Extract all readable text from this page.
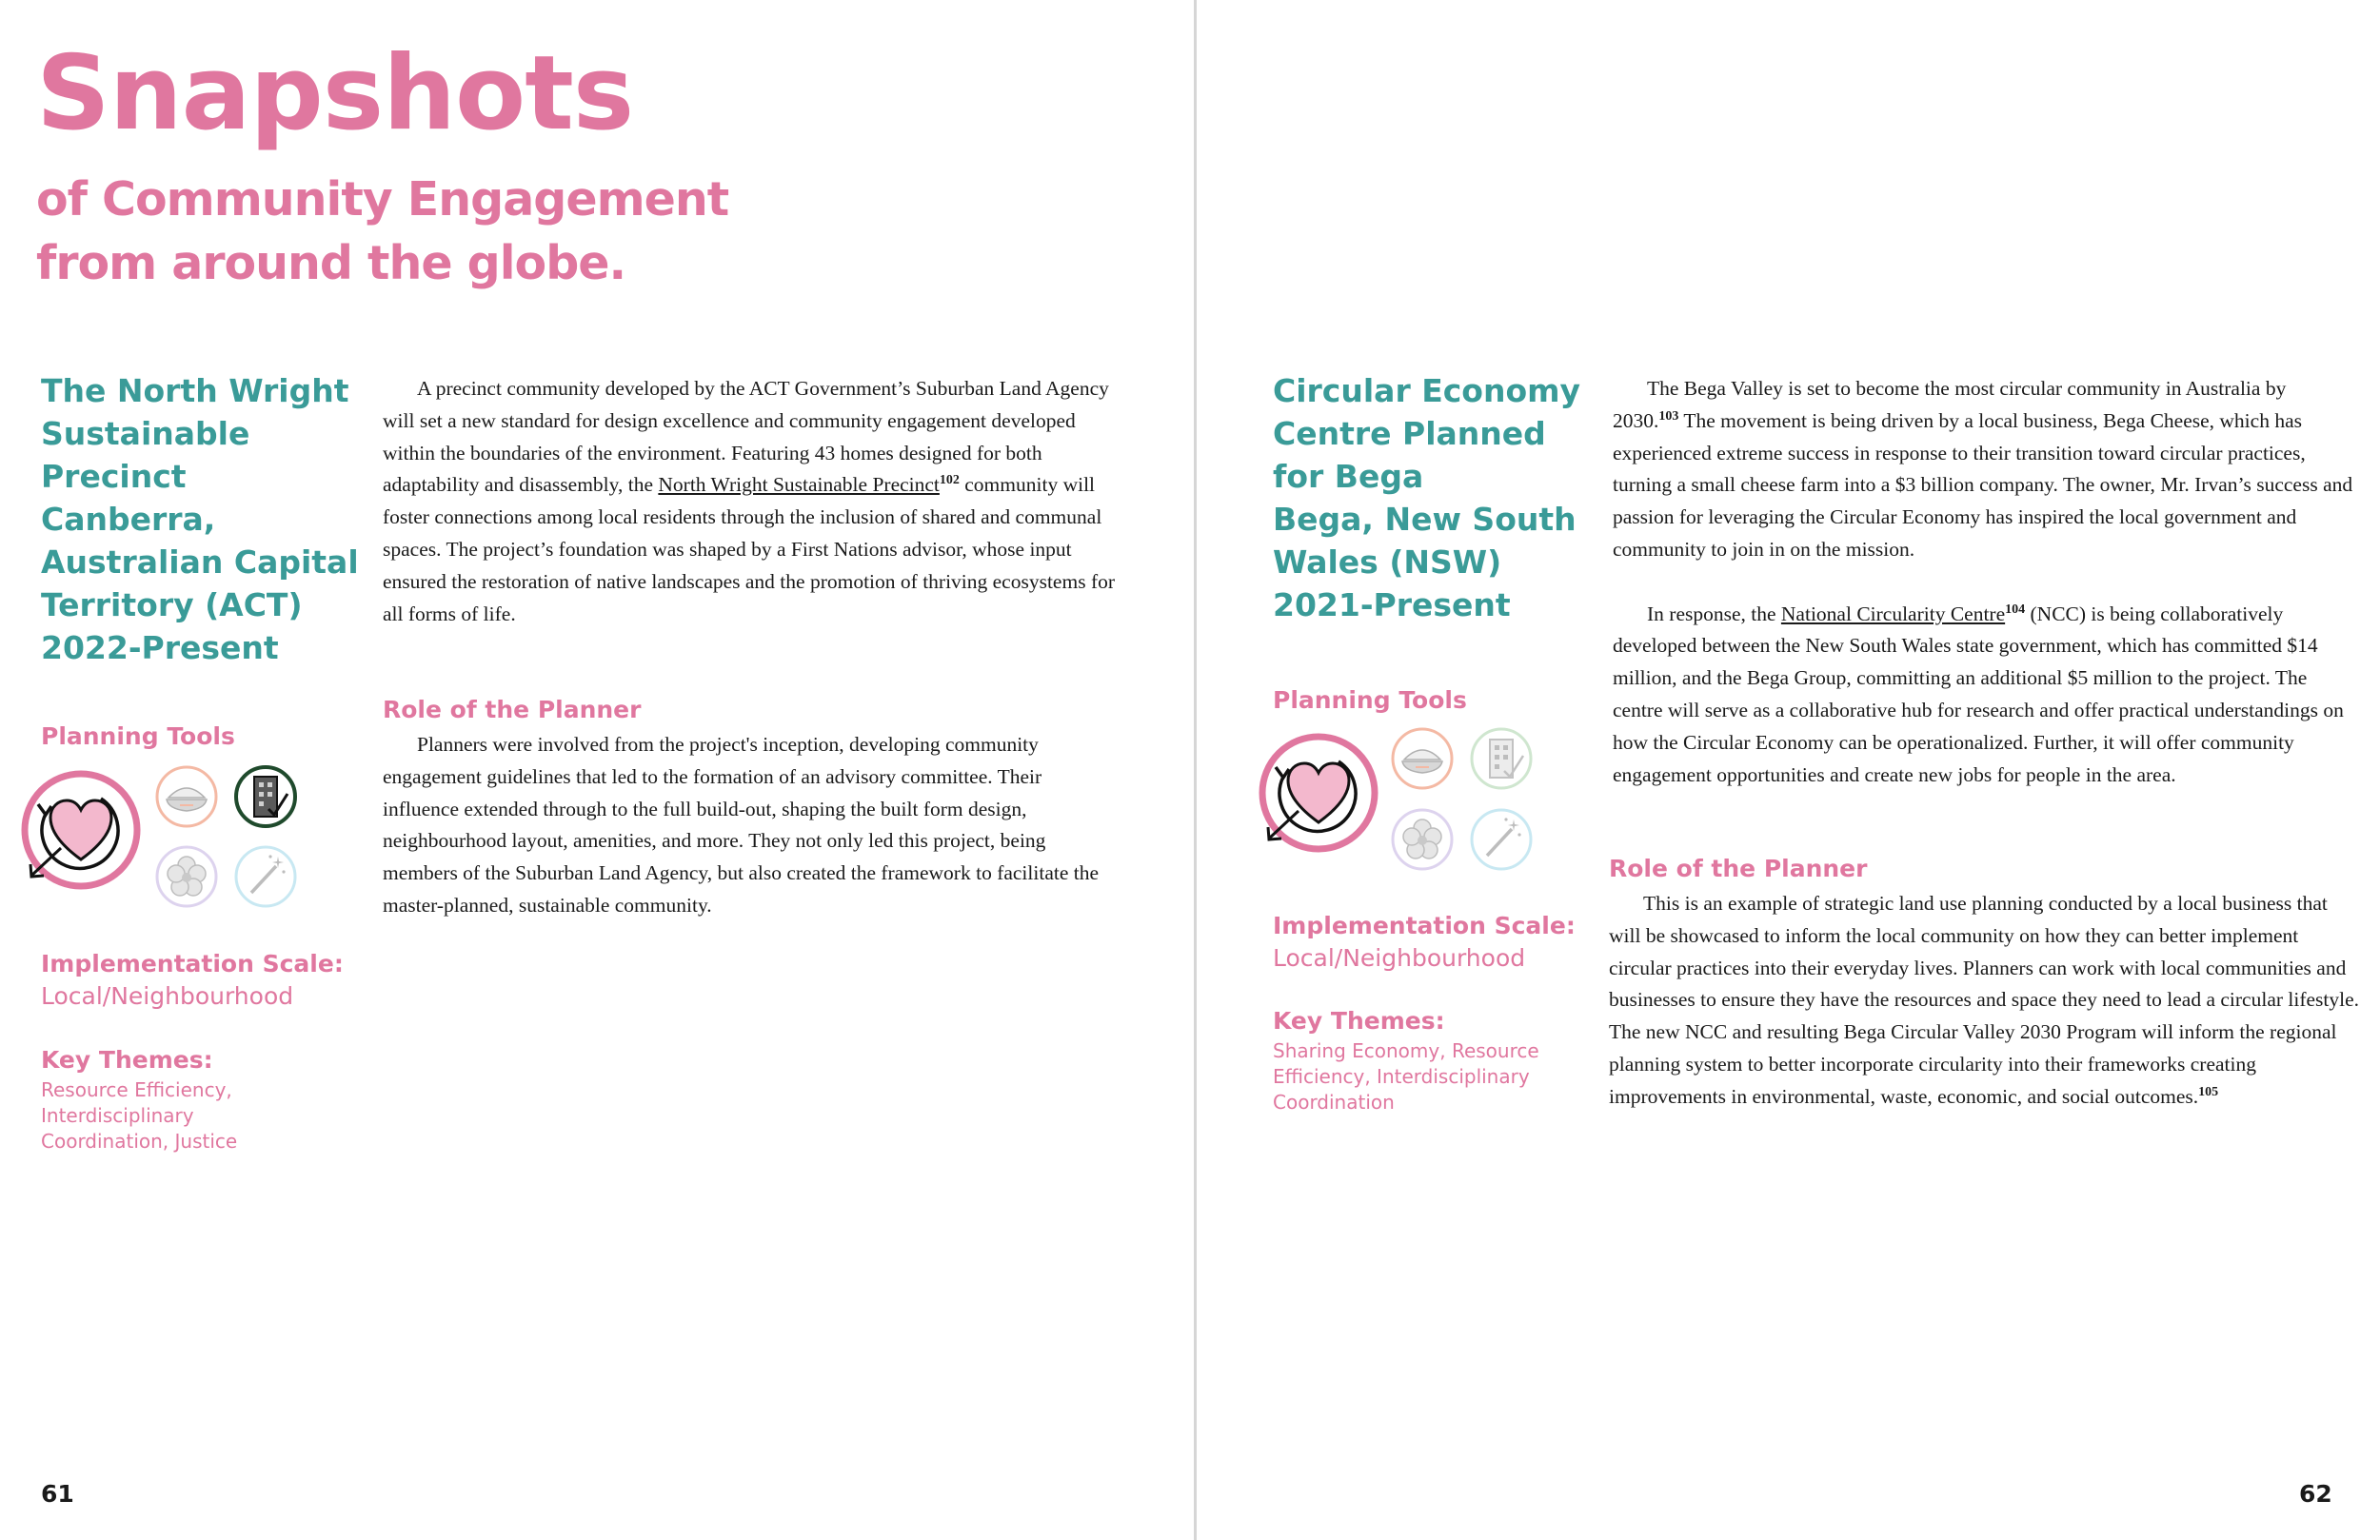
Snapshots
of Community Engagement
from around the globe.
The North Wright
Sustainable
Precinct
Canberra,
Australian Capital
Territory (ACT)
2022-Present
Planning Tools
Implementation Scale:
Local/Neighbourhood
Key Themes:
Resource Efficiency,
Interdisciplinary
Coordination, Justice

A precinct community developed by the ACT Government’s Suburban Land Agency will set a new standard for design excellence and community engagement developed within the boundaries of the environment. Featuring 43 homes designed for both adaptability and disassembly, the North Wright Sustainable Precinct$^{102}$ community will foster connections among local residents through the inclusion of shared and communal spaces. The project’s foundation was shaped by a First Nations advisor, whose input ensured the restoration of native landscapes and the promotion of thriving ecosystems for all forms of life.

Role of the Planner

Planners were involved from the project's inception, developing community engagement guidelines that led to the formation of an advisory committee. Their influence extended through to the full build-out, shaping the built form design, neighbourhood layout, amenities, and more. They not only led this project, being members of the Suburban Land Agency, but also created the framework to facilitate the master-planned, sustainable community.

61
Circular Economy
Centre Planned
for Bega
Bega, New South
Wales (NSW)
2021-Present
Planning Tools
Implementation Scale:
Local/Neighbourhood
Key Themes:
Sharing Economy, Resource
Efficiency, Interdisciplinary
Coordination

The Bega Valley is set to become the most circular community in Australia by 2030.$^{103}$ The movement is being driven by a local business, Bega Cheese, which has experienced extreme success in response to their transition toward circular practices, turning a small cheese farm into a $3 billion company. The owner, Mr. Irvan’s success and passion for leveraging the Circular Economy has inspired the local government and community to join in on the mission.

In response, the National Circularity Centre$^{104}$ (NCC) is being collaboratively developed between the New South Wales state government, which has committed $14 million, and the Bega Group, committing an additional $5 million to the project. The centre will serve as a collaborative hub for research and offer practical understandings on how the Circular Economy can be operationalized. Further, it will offer community engagement opportunities and create new jobs for people in the area.

Role of the Planner

This is an example of strategic land use planning conducted by a local business that will be showcased to inform the local community on how they can better implement circular practices into their everyday lives. Planners can work with local communities and businesses to ensure they have the resources and space they need to lead a circular lifestyle. The new NCC and resulting Bega Circular Valley 2030 Program will inform the regional planning system to better incorporate circularity into their frameworks creating improvements in environmental, waste, economic, and social outcomes.$^{105}$

62
